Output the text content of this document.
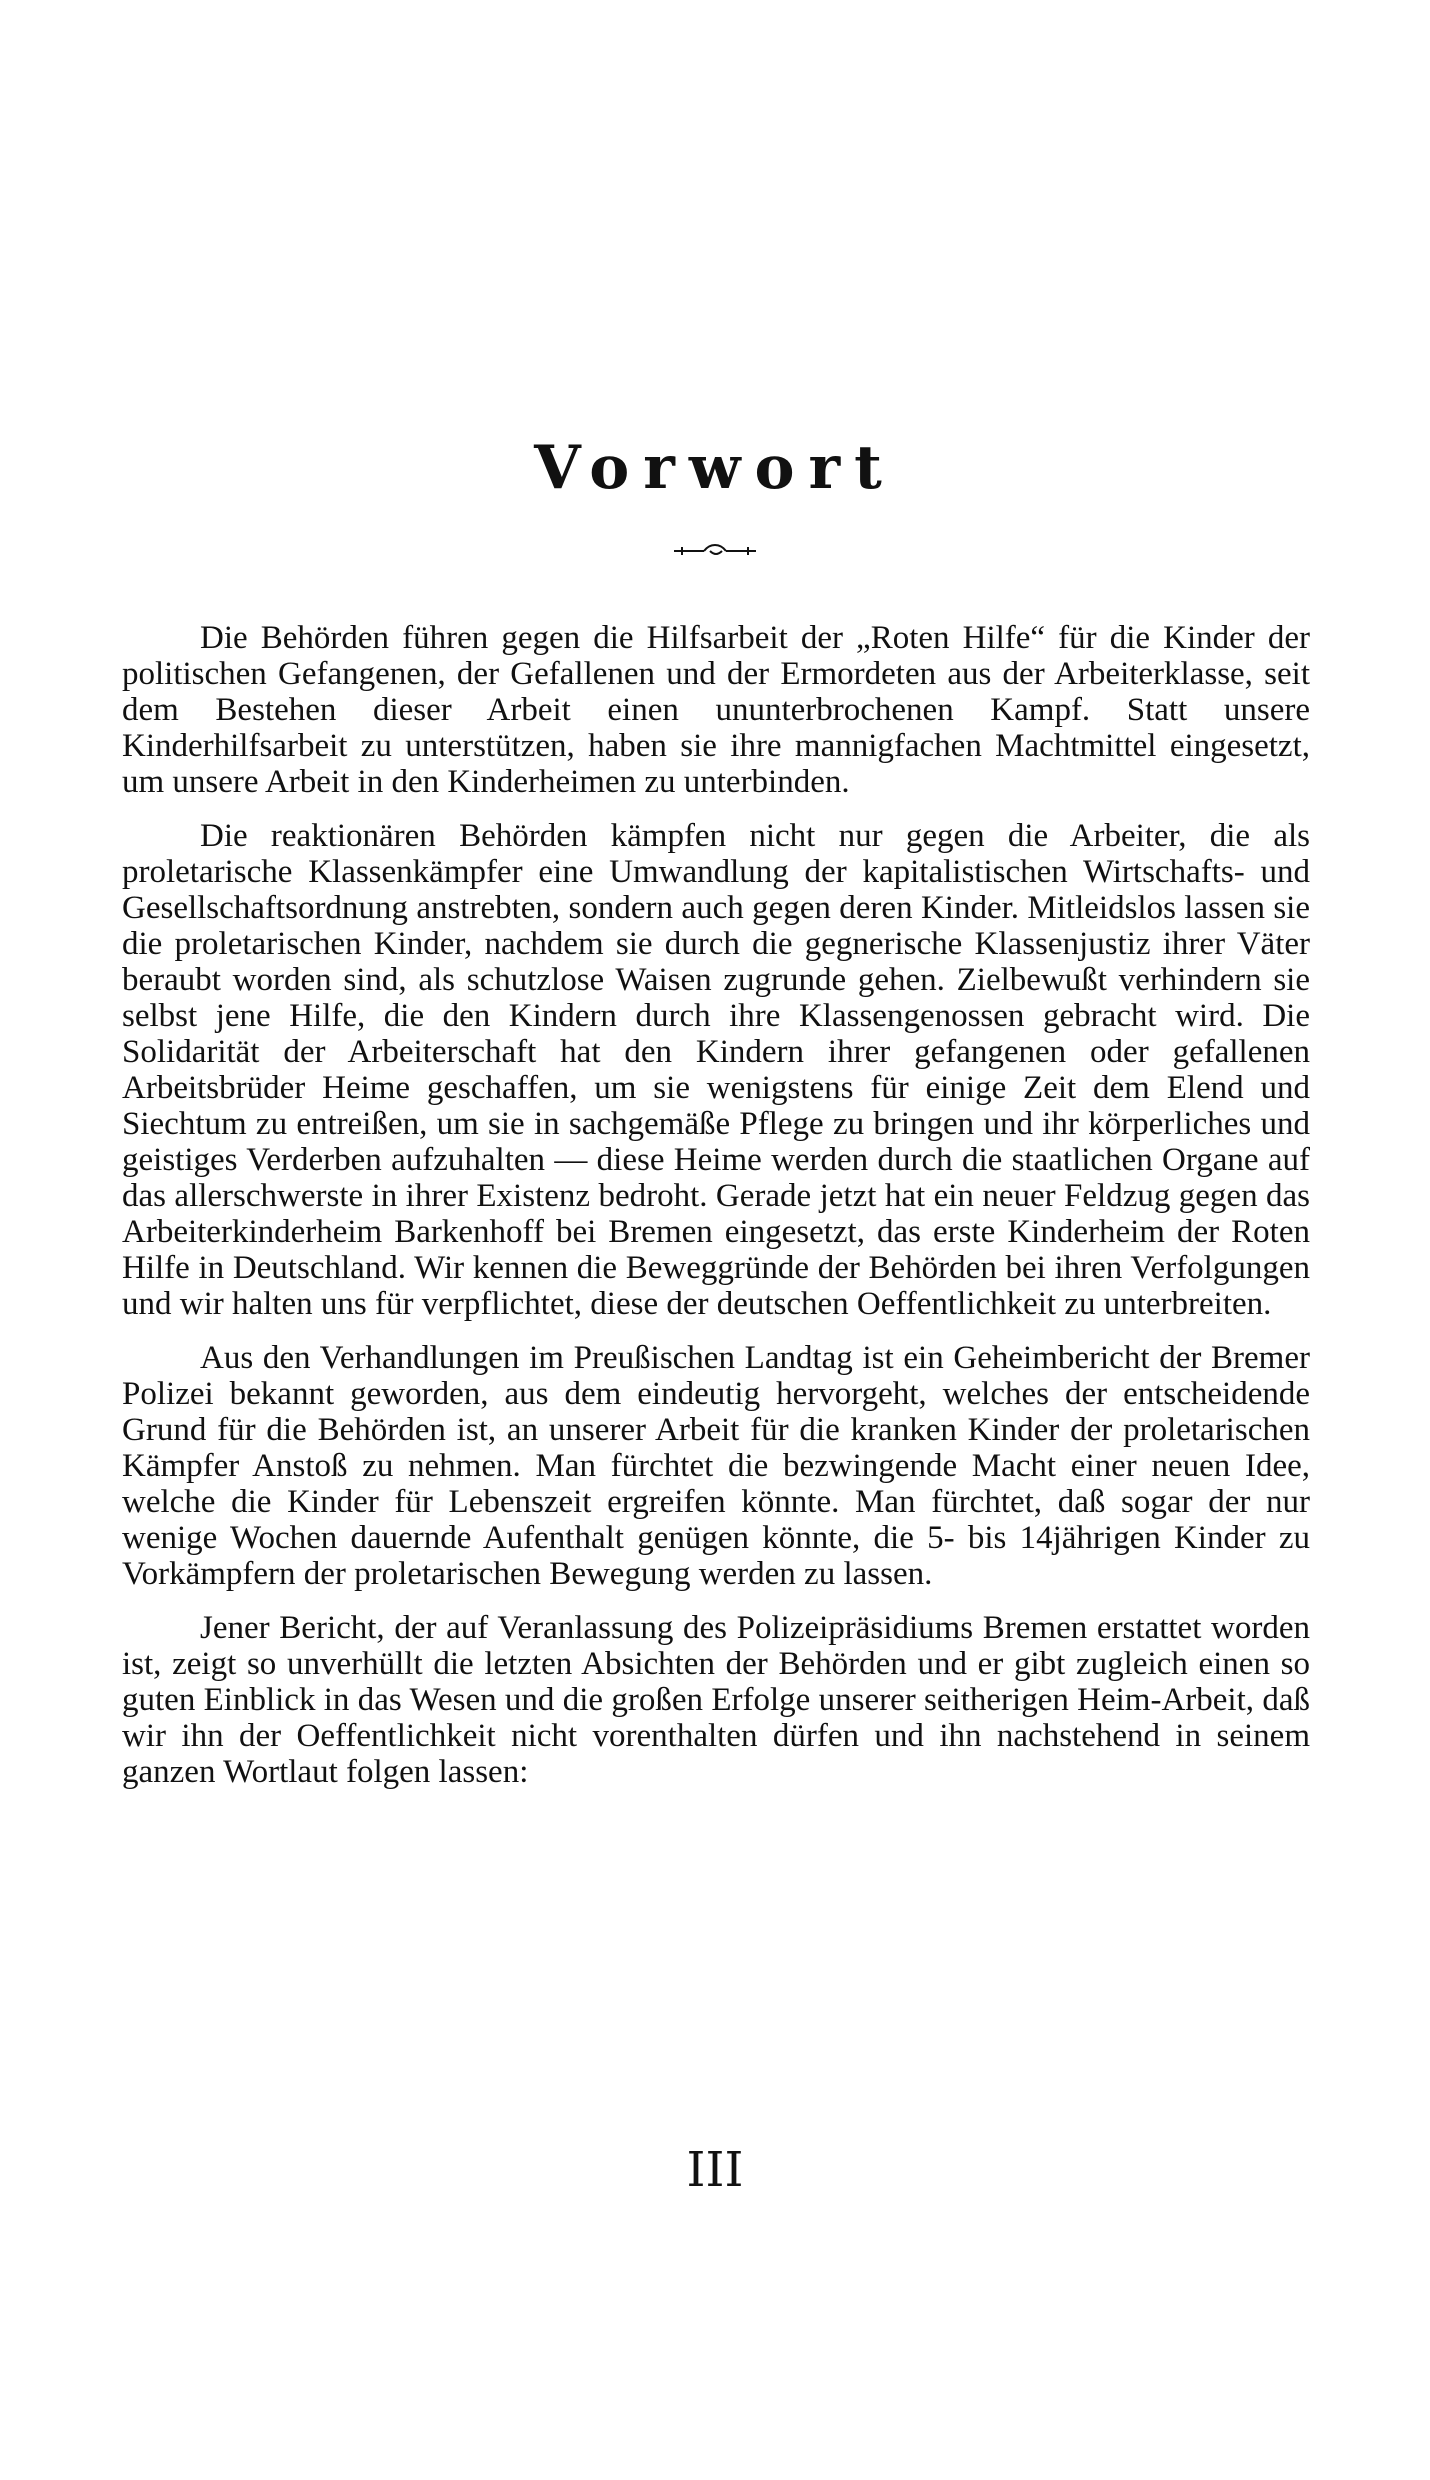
Vorwort

Die Behörden führen gegen die Hilfsarbeit der „Roten Hilfe“ für die Kinder der politischen Gefangenen, der Gefallenen und der Ermordeten aus der Arbeiterklasse, seit dem Bestehen dieser Arbeit einen ununterbrochenen Kampf. Statt unsere Kinderhilfsarbeit zu unterstützen, haben sie ihre mannigfachen Machtmittel eingesetzt, um unsere Arbeit in den Kinderheimen zu unterbinden.

Die reaktionären Behörden kämpfen nicht nur gegen die Arbeiter, die als proletarische Klassenkämpfer eine Umwandlung der kapitalistischen Wirtschafts- und Gesellschaftsordnung anstrebten, sondern auch gegen deren Kinder. Mitleidslos lassen sie die proletarischen Kinder, nachdem sie durch die gegnerische Klassenjustiz ihrer Väter beraubt worden sind, als schutzlose Waisen zugrunde gehen. Zielbewußt verhindern sie selbst jene Hilfe, die den Kindern durch ihre Klassengenossen gebracht wird. Die Solidarität der Arbeiterschaft hat den Kindern ihrer gefangenen oder gefallenen Arbeitsbrüder Heime geschaffen, um sie wenigstens für einige Zeit dem Elend und Siechtum zu entreißen, um sie in sachgemäße Pflege zu bringen und ihr körperliches und geistiges Verderben aufzuhalten — diese Heime werden durch die staatlichen Organe auf das allerschwerste in ihrer Existenz bedroht. Gerade jetzt hat ein neuer Feldzug gegen das Arbeiterkinderheim Barkenhoff bei Bremen eingesetzt, das erste Kinderheim der Roten Hilfe in Deutschland. Wir kennen die Beweggründe der Behörden bei ihren Verfolgungen und wir halten uns für verpflichtet, diese der deutschen Oeffentlichkeit zu unterbreiten.

Aus den Verhandlungen im Preußischen Landtag ist ein Geheimbericht der Bremer Polizei bekannt geworden, aus dem eindeutig hervorgeht, welches der entscheidende Grund für die Behörden ist, an unserer Arbeit für die kranken Kinder der proletarischen Kämpfer Anstoß zu nehmen. Man fürchtet die bezwingende Macht einer neuen Idee, welche die Kinder für Lebenszeit ergreifen könnte. Man fürchtet, daß sogar der nur wenige Wochen dauernde Aufenthalt genügen könnte, die 5- bis 14jährigen Kinder zu Vorkämpfern der proletarischen Bewegung werden zu lassen.

Jener Bericht, der auf Veranlassung des Polizeipräsidiums Bremen erstattet worden ist, zeigt so unverhüllt die letzten Absichten der Behörden und er gibt zugleich einen so guten Einblick in das Wesen und die großen Erfolge unserer seitherigen Heim-Arbeit, daß wir ihn der Oeffentlichkeit nicht vorenthalten dürfen und ihn nachstehend in seinem ganzen Wortlaut folgen lassen:

III
